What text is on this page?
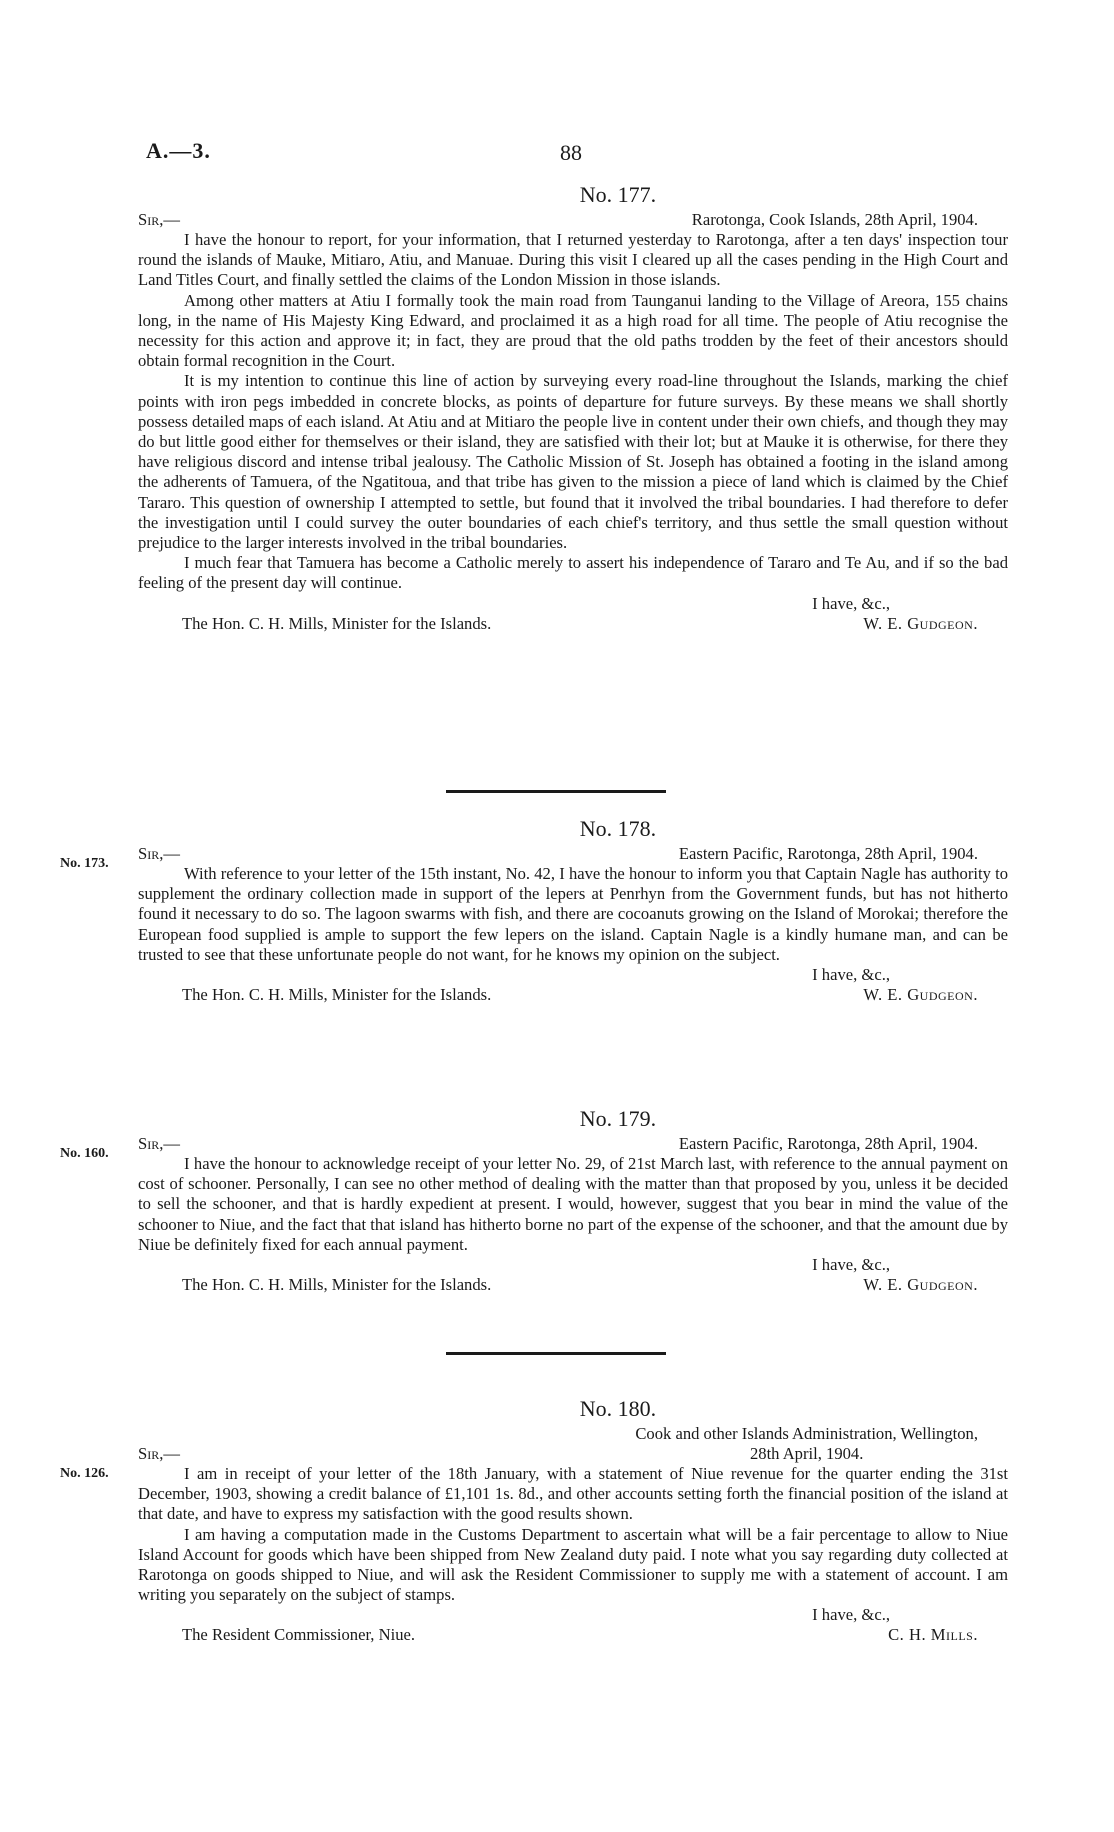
A.—3.	88
No. 177.
Sir,—	Rarotonga, Cook Islands, 28th April, 1904.

I have the honour to report, for your information, that I returned yesterday to Rarotonga, after a ten days' inspection tour round the islands of Mauke, Mitiaro, Atiu, and Manuae. During this visit I cleared up all the cases pending in the High Court and Land Titles Court, and finally settled the claims of the London Mission in those islands.

Among other matters at Atiu I formally took the main road from Taunganui landing to the Village of Areora, 155 chains long, in the name of His Majesty King Edward, and proclaimed it as a high road for all time. The people of Atiu recognise the necessity for this action and approve it; in fact, they are proud that the old paths trodden by the feet of their ancestors should obtain formal recognition in the Court.

It is my intention to continue this line of action by surveying every road-line throughout the Islands, marking the chief points with iron pegs imbedded in concrete blocks, as points of departure for future surveys. By these means we shall shortly possess detailed maps of each island. At Atiu and at Mitiaro the people live in content under their own chiefs, and though they may do but little good either for themselves or their island, they are satisfied with their lot; but at Mauke it is otherwise, for there they have religious discord and intense tribal jealousy. The Catholic Mission of St. Joseph has obtained a footing in the island among the adherents of Tamuera, of the Ngatitoua, and that tribe has given to the mission a piece of land which is claimed by the Chief Tararo. This question of ownership I attempted to settle, but found that it involved the tribal boundaries. I had therefore to defer the investigation until I could survey the outer boundaries of each chief's territory, and thus settle the small question without prejudice to the larger interests involved in the tribal boundaries.

I much fear that Tamuera has become a Catholic merely to assert his independence of Tararo and Te Au, and if so the bad feeling of the present day will continue.

I have, &c.,
The Hon. C. H. Mills, Minister for the Islands.	W. E. Gudgeon.
No. 173.
No. 178.
Sir,—	Eastern Pacific, Rarotonga, 28th April, 1904.

With reference to your letter of the 15th instant, No. 42, I have the honour to inform you that Captain Nagle has authority to supplement the ordinary collection made in support of the lepers at Penrhyn from the Government funds, but has not hitherto found it necessary to do so. The lagoon swarms with fish, and there are cocoanuts growing on the Island of Morokai; therefore the European food supplied is ample to support the few lepers on the island. Captain Nagle is a kindly humane man, and can be trusted to see that these unfortunate people do not want, for he knows my opinion on the subject.

I have, &c.,
The Hon. C. H. Mills, Minister for the Islands.	W. E. Gudgeon.
No. 160.
No. 179.
Sir,—	Eastern Pacific, Rarotonga, 28th April, 1904.

I have the honour to acknowledge receipt of your letter No. 29, of 21st March last, with reference to the annual payment on cost of schooner. Personally, I can see no other method of dealing with the matter than that proposed by you, unless it be decided to sell the schooner, and that is hardly expedient at present. I would, however, suggest that you bear in mind the value of the schooner to Niue, and the fact that that island has hitherto borne no part of the expense of the schooner, and that the amount due by Niue be definitely fixed for each annual payment.

I have, &c.,
The Hon. C. H. Mills, Minister for the Islands.	W. E. Gudgeon.
No. 126.
No. 180.
Cook and other Islands Administration, Wellington,
28th April, 1904.
Sir,—

I am in receipt of your letter of the 18th January, with a statement of Niue revenue for the quarter ending the 31st December, 1903, showing a credit balance of £1,101 1s. 8d., and other accounts setting forth the financial position of the island at that date, and have to express my satisfaction with the good results shown.

I am having a computation made in the Customs Department to ascertain what will be a fair percentage to allow to Niue Island Account for goods which have been shipped from New Zealand duty paid. I note what you say regarding duty collected at Rarotonga on goods shipped to Niue, and will ask the Resident Commissioner to supply me with a statement of account. I am writing you separately on the subject of stamps.

I have, &c.,
The Resident Commissioner, Niue.	C. H. Mills.
